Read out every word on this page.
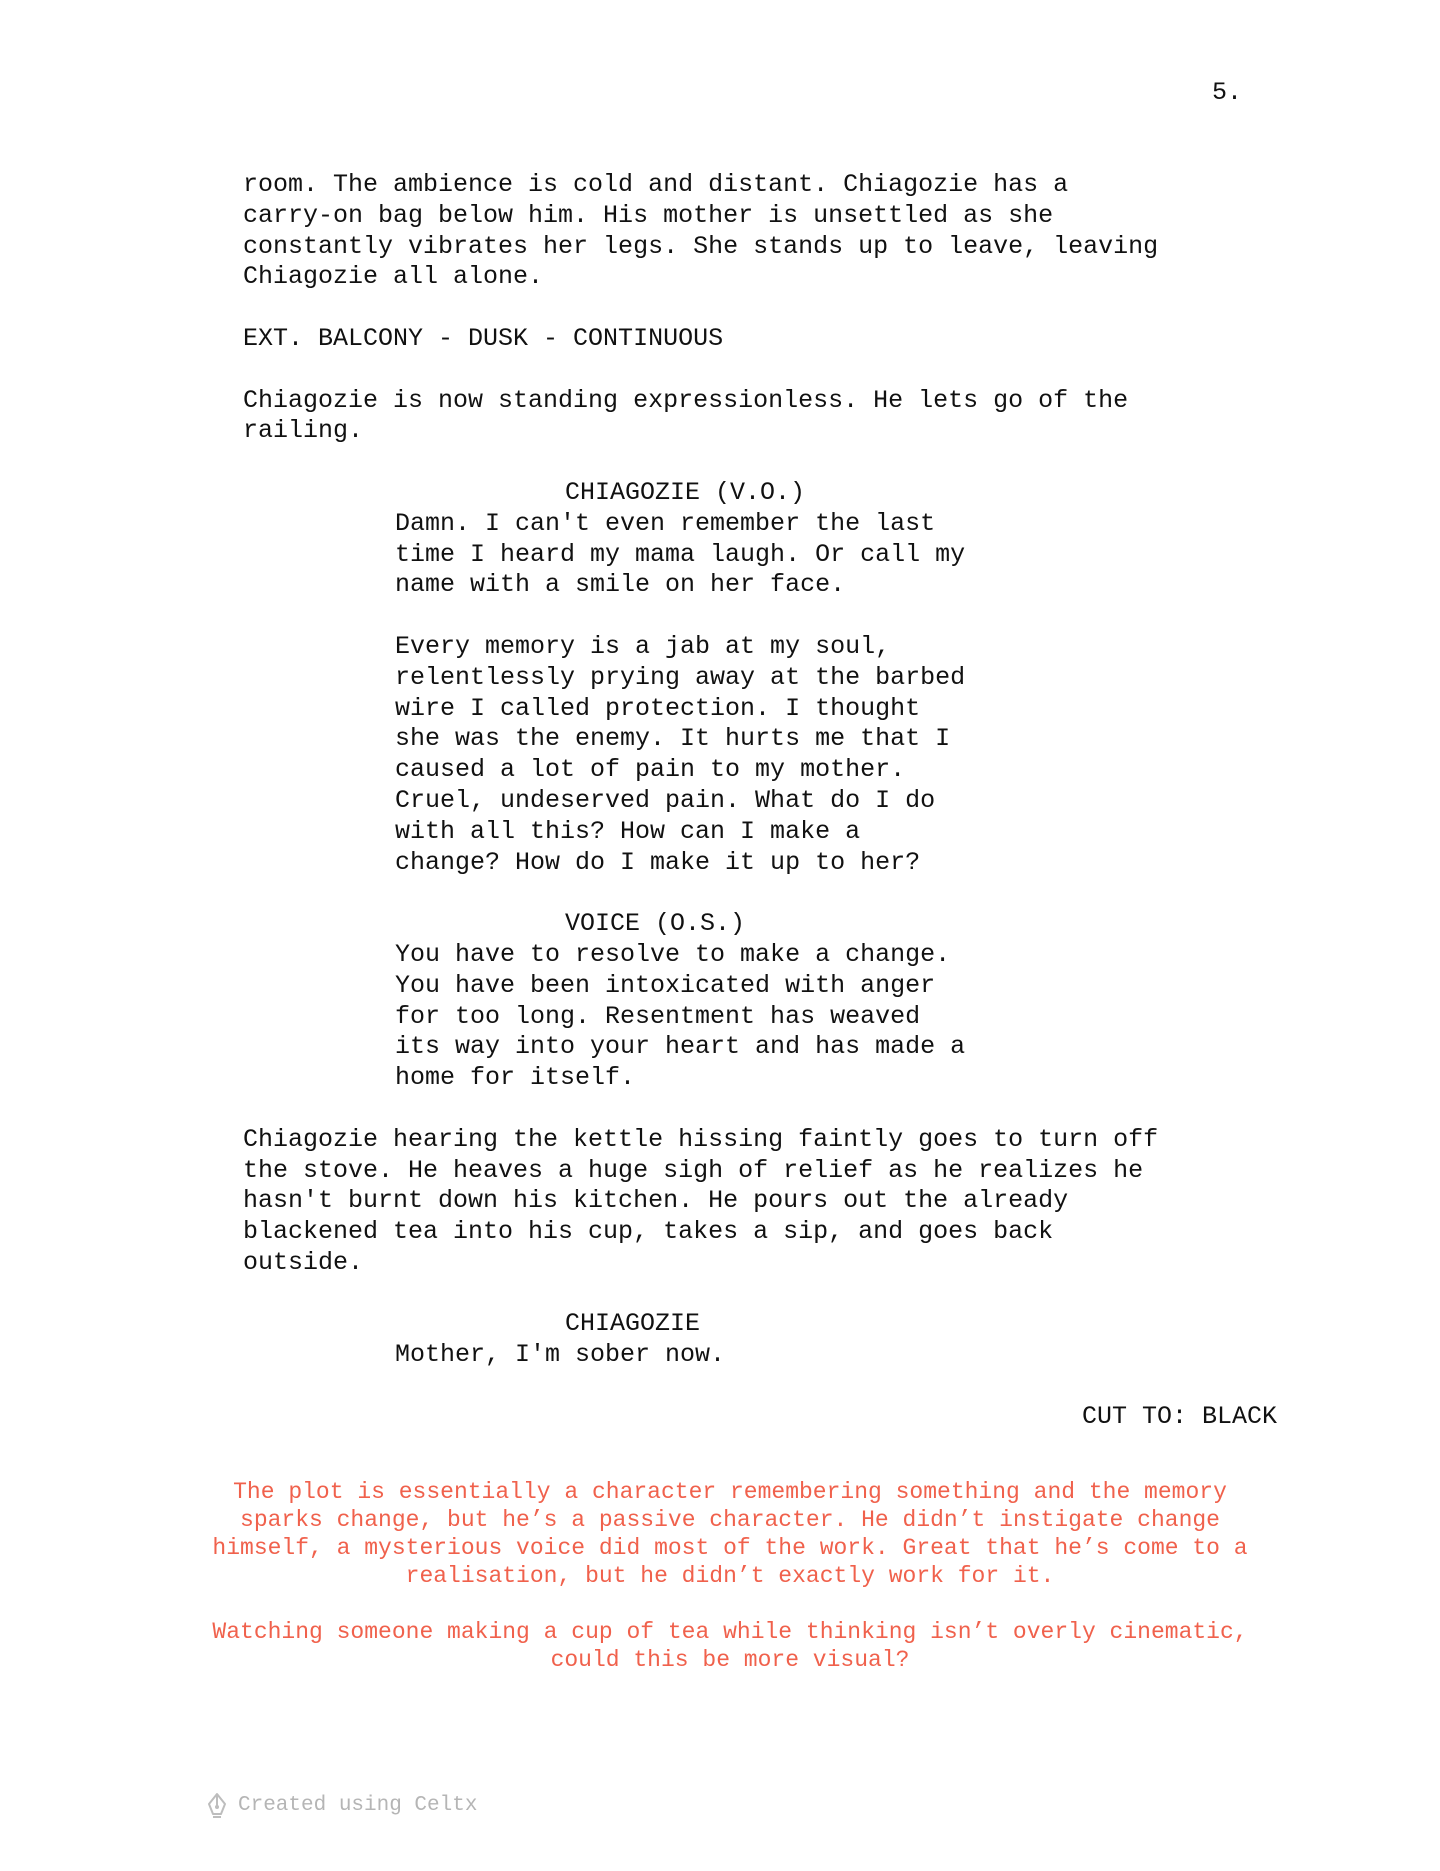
5.

room. The ambience is cold and distant. Chiagozie has a
carry-on bag below him. His mother is unsettled as she
constantly vibrates her legs. She stands up to leave, leaving
Chiagozie all alone.

EXT. BALCONY - DUSK - CONTINUOUS

Chiagozie is now standing expressionless. He lets go of the
railing.

CHIAGOZIE (V.O.)

Damn. I can't even remember the last
time I heard my mama laugh. Or call my
name with a smile on her face.

Every memory is a jab at my soul,
relentlessly prying away at the barbed
wire I called protection. I thought
she was the enemy. It hurts me that I
caused a lot of pain to my mother.
Cruel, undeserved pain. What do I do
with all this? How can I make a
change? How do I make it up to her?

VOICE (O.S.)

You have to resolve to make a change.
You have been intoxicated with anger
for too long. Resentment has weaved
its way into your heart and has made a
home for itself.

Chiagozie hearing the kettle hissing faintly goes to turn off
the stove. He heaves a huge sigh of relief as he realizes he
hasn't burnt down his kitchen. He pours out the already
blackened tea into his cup, takes a sip, and goes back
outside.

CHIAGOZIE

Mother, I'm sober now.

CUT TO: BLACK

The plot is essentially a character remembering something and the memory
sparks change, but he’s a passive character. He didn’t instigate change
himself, a mysterious voice did most of the work. Great that he’s come to a
realisation, but he didn’t exactly work for it.

Watching someone making a cup of tea while thinking isn’t overly cinematic,
could this be more visual?

Created using Celtx
